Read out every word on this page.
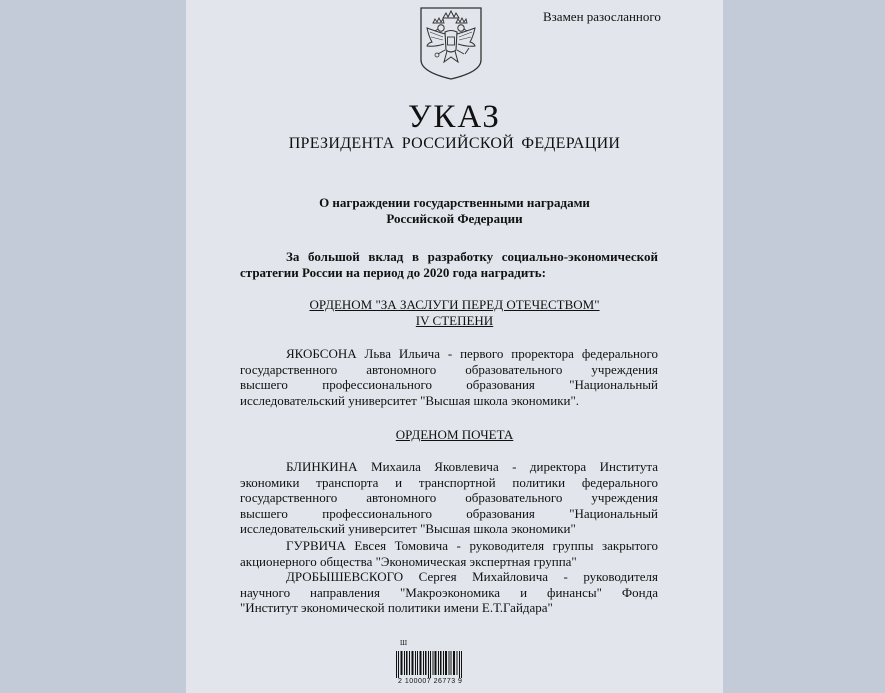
Взамен разосланного
УКАЗ
ПРЕЗИДЕНТА РОССИЙСКОЙ ФЕДЕРАЦИИ
О награждении государственными наградами
Российской Федерации
За большой вклад в разработку социально-экономической
стратегии России на период до 2020 года наградить:
ОРДЕНОМ "ЗА ЗАСЛУГИ ПЕРЕД ОТЕЧЕСТВОМ"
IV СТЕПЕНИ
ЯКОБСОНА Льва Ильича - первого проректора федерального
государственного автономного образовательного учреждения
высшего профессионального образования "Национальный
исследовательский университет "Высшая школа экономики".
ОРДЕНОМ ПОЧЕТА
БЛИНКИНА Михаила Яковлевича - директора Института
экономики транспорта и транспортной политики федерального
государственного автономного образовательного учреждения
высшего профессионального образования "Национальный
исследовательский университет "Высшая школа экономики"
ГУРВИЧА Евсея Томовича - руководителя группы закрытого
акционерного общества "Экономическая экспертная группа"
ДРОБЫШЕВСКОГО Сергея Михайловича - руководителя
научного направления "Макроэкономика и финансы" Фонда
"Институт экономической политики имени Е.Т.Гайдара"
Ш
2 100007 26773 9
